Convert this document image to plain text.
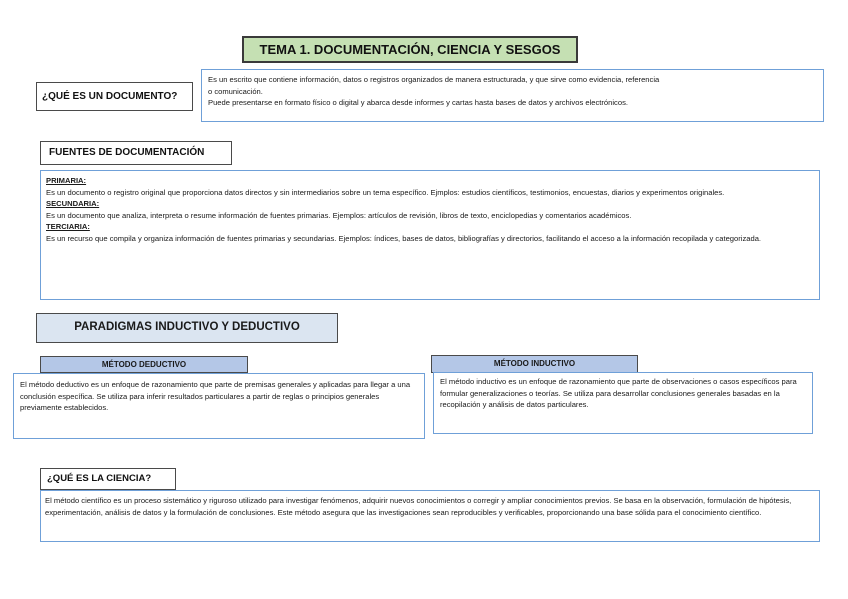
TEMA 1. DOCUMENTACIÓN, CIENCIA Y SESGOS
¿QUÉ ES UN DOCUMENTO?
Es un escrito que contiene información, datos o registros organizados de manera estructurada, y que sirve como evidencia, referencia
o comunicación.
Puede presentarse en formato físico o digital y abarca desde informes y cartas hasta bases de datos y archivos electrónicos.
FUENTES DE DOCUMENTACIÓN
PRIMARIA:
Es un documento o registro original que proporciona datos directos y sin intermediarios sobre un tema específico. Ejmplos: estudios científicos, testimonios, encuestas, diarios y experimentos originales.
SECUNDARIA:
Es un documento que analiza, interpreta o resume información de fuentes primarias. Ejemplos: artículos de revisión, libros de texto, enciclopedias y comentarios académicos.
TERCIARIA:
Es un recurso que compila y organiza información de fuentes primarias y secundarias. Ejemplos: índices, bases de datos, bibliografías y directorios, facilitando el acceso a la información recopilada y categorizada.
PARADIGMAS INDUCTIVO Y DEDUCTIVO
MÉTODO DEDUCTIVO
El método deductivo es un enfoque de razonamiento que parte de premisas generales y aplicadas para llegar a una conclusión específica. Se utiliza para inferir resultados particulares a partir de reglas o principios generales previamente establecidos.
MÉTODO INDUCTIVO
El método inductivo es un enfoque de razonamiento que parte de observaciones o casos específicos para formular generalizaciones o teorías. Se utiliza para desarrollar conclusiones generales basadas en la recopilación y análisis de datos particulares.
¿QUÉ ES LA CIENCIA?
El método científico es un proceso sistemático y riguroso utilizado para investigar fenómenos, adquirir nuevos conocimientos o corregir y ampliar conocimientos previos. Se basa en la observación, formulación de hipótesis, experimentación, análisis de datos y la formulación de conclusiones. Este método asegura que las investigaciones sean reproducibles y verificables, proporcionando una base sólida para el conocimiento científico.
